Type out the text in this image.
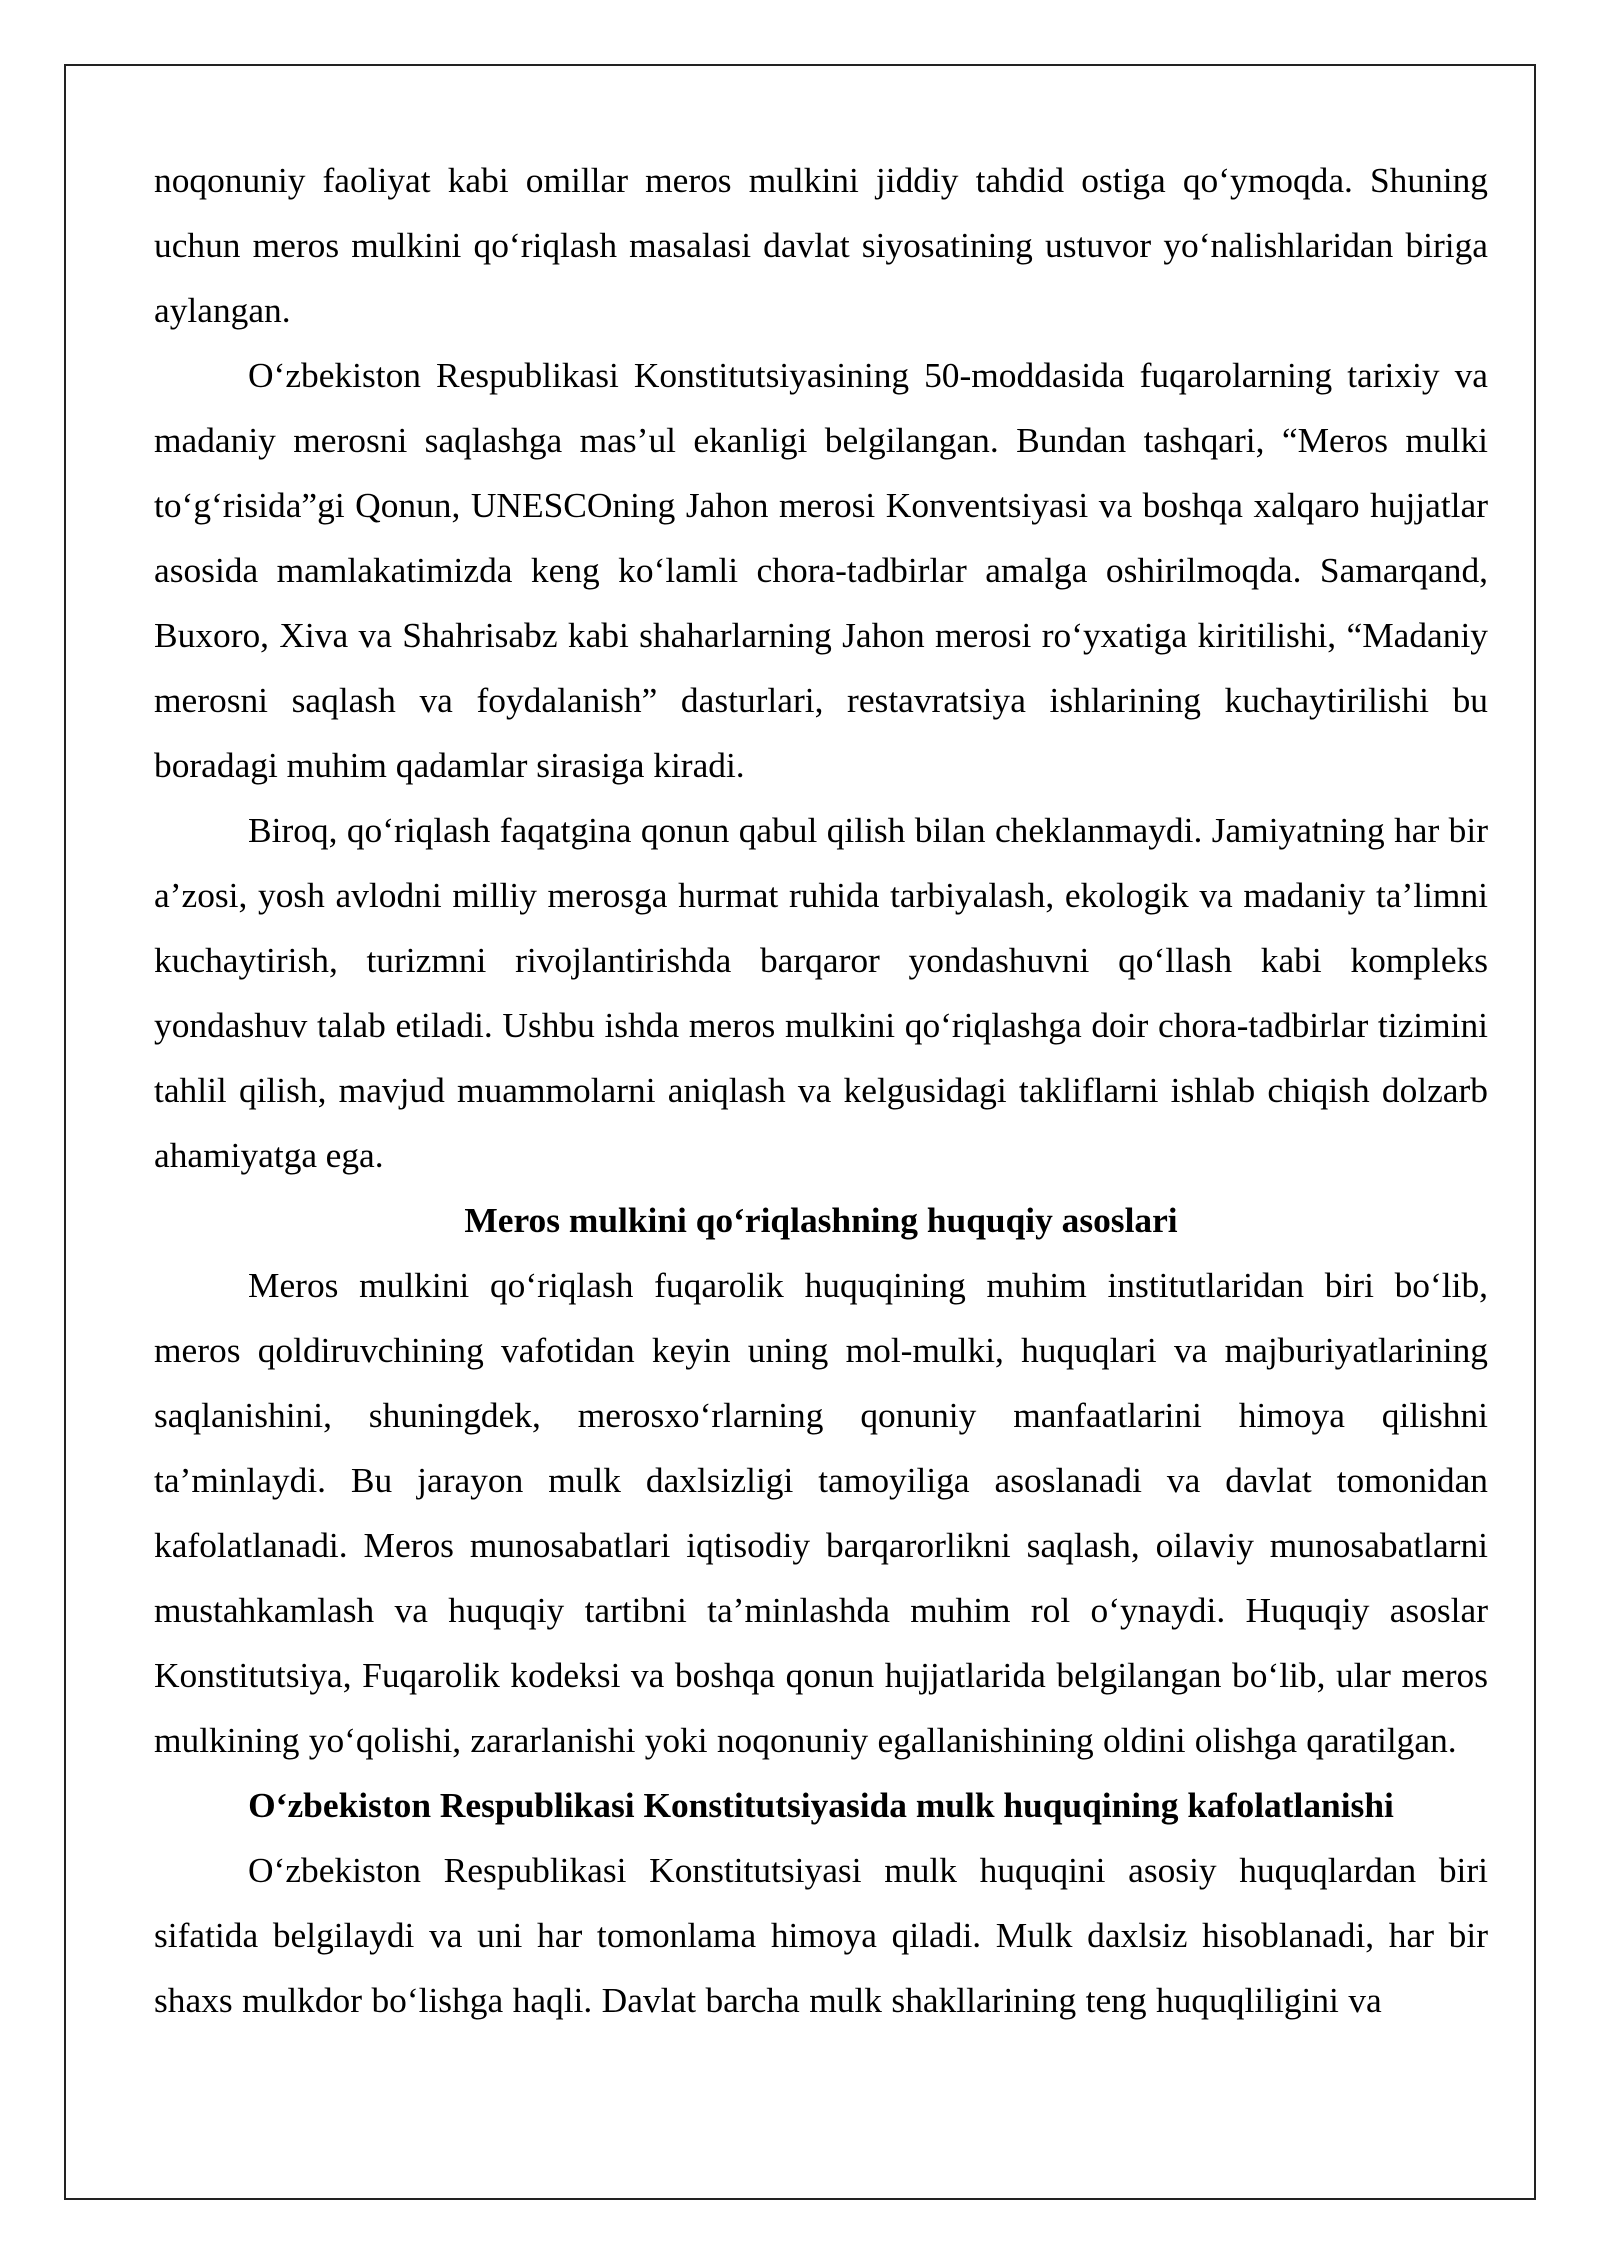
noqonuniy faoliyat kabi omillar meros mulkini jiddiy tahdid ostiga qo‘ymoqda. Shuning uchun meros mulkini qo‘riqlash masalasi davlat siyosatining ustuvor yo‘nalishlaridan biriga aylangan.

O‘zbekiston Respublikasi Konstitutsiyasining 50-moddasida fuqarolarning tarixiy va madaniy merosni saqlashga mas’ul ekanligi belgilangan. Bundan tashqari, “Meros mulki to‘g‘risida”gi Qonun, UNESCOning Jahon merosi Konventsiyasi va boshqa xalqaro hujjatlar asosida mamlakatimizda keng ko‘lamli chora-tadbirlar amalga oshirilmoqda. Samarqand, Buxoro, Xiva va Shahrisabz kabi shaharlarning Jahon merosi ro‘yxatiga kiritilishi, “Madaniy merosni saqlash va foydalanish” dasturlari, restavratsiya ishlarining kuchaytirilishi bu boradagi muhim qadamlar sirasiga kiradi.

Biroq, qo‘riqlash faqatgina qonun qabul qilish bilan cheklanmaydi. Jamiyatning har bir a’zosi, yosh avlodni milliy merosga hurmat ruhida tarbiyalash, ekologik va madaniy ta’limni kuchaytirish, turizmni rivojlantirishda barqaror yondashuvni qo‘llash kabi kompleks yondashuv talab etiladi. Ushbu ishda meros mulkini qo‘riqlashga doir chora-tadbirlar tizimini tahlil qilish, mavjud muammolarni aniqlash va kelgusidagi takliflarni ishlab chiqish dolzarb ahamiyatga ega.

Meros mulkini qo‘riqlashning huquqiy asoslari

Meros mulkini qo‘riqlash fuqarolik huquqining muhim institutlaridan biri bo‘lib, meros qoldiruvchining vafotidan keyin uning mol-mulki, huquqlari va majburiyatlarining saqlanishini, shuningdek, merosxo‘rlarning qonuniy manfaatlarini himoya qilishni ta’minlaydi. Bu jarayon mulk daxlsizligi tamoyiliga asoslanadi va davlat tomonidan kafolatlanadi. Meros munosabatlari iqtisodiy barqarorlikni saqlash, oilaviy munosabatlarni mustahkamlash va huquqiy tartibni ta’minlashda muhim rol o‘ynaydi. Huquqiy asoslar Konstitutsiya, Fuqarolik kodeksi va boshqa qonun hujjatlarida belgilangan bo‘lib, ular meros mulkining yo‘qolishi, zararlanishi yoki noqonuniy egallanishining oldini olishga qaratilgan.

O‘zbekiston Respublikasi Konstitutsiyasida mulk huquqining kafolatlanishi

O‘zbekiston Respublikasi Konstitutsiyasi mulk huquqini asosiy huquqlardan biri sifatida belgilaydi va uni har tomonlama himoya qiladi. Mulk daxlsiz hisoblanadi, har bir shaxs mulkdor bo‘lishga haqli. Davlat barcha mulk shakllarining teng huquqliligini va
